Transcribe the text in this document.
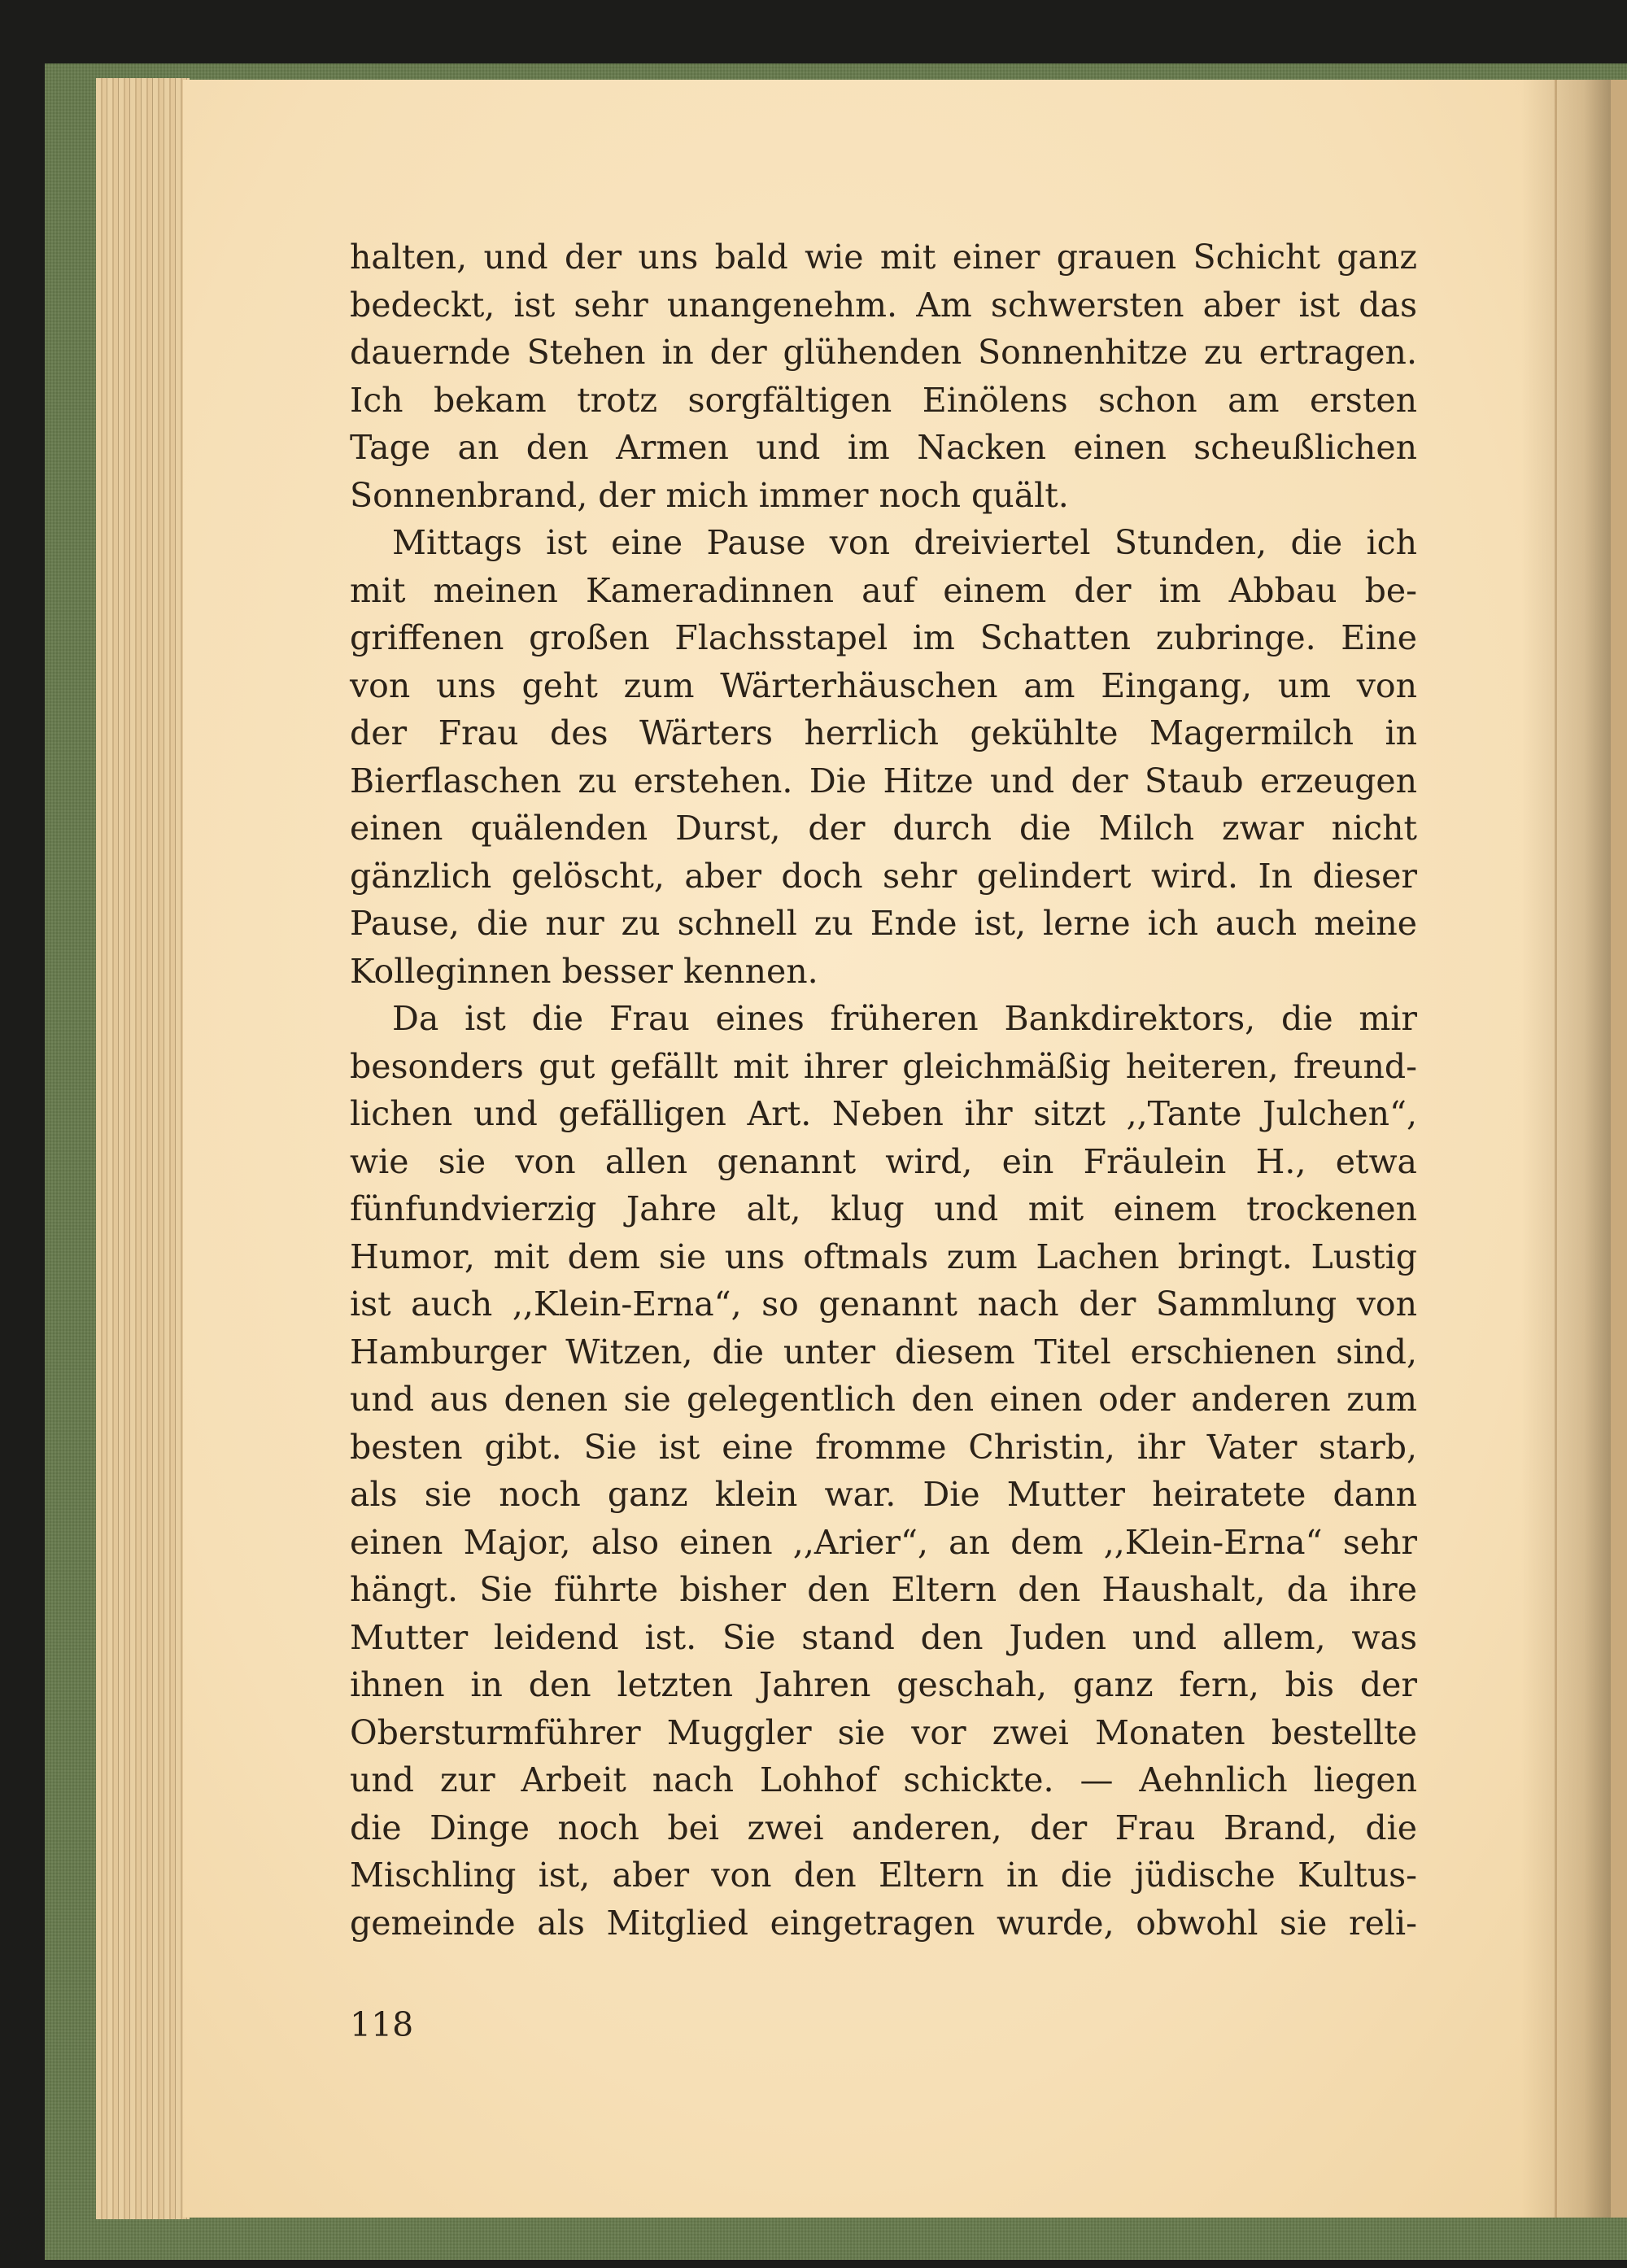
halten, und der uns bald wie mit einer grauen Schicht ganz
bedeckt, ist sehr unangenehm. Am schwersten aber ist das
dauernde Stehen in der glühenden Sonnenhitze zu ertragen.
Ich bekam trotz sorgfältigen Einölens schon am ersten
Tage an den Armen und im Nacken einen scheußlichen
Sonnenbrand, der mich immer noch quält.
Mittags ist eine Pause von dreiviertel Stunden, die ich
mit meinen Kameradinnen auf einem der im Abbau be-
griffenen großen Flachsstapel im Schatten zubringe. Eine
von uns geht zum Wärterhäuschen am Eingang, um von
der Frau des Wärters herrlich gekühlte Magermilch in
Bierflaschen zu erstehen. Die Hitze und der Staub erzeugen
einen quälenden Durst, der durch die Milch zwar nicht
gänzlich gelöscht, aber doch sehr gelindert wird. In dieser
Pause, die nur zu schnell zu Ende ist, lerne ich auch meine
Kolleginnen besser kennen.
Da ist die Frau eines früheren Bankdirektors, die mir
besonders gut gefällt mit ihrer gleichmäßig heiteren, freund-
lichen und gefälligen Art. Neben ihr sitzt ,,Tante Julchen“,
wie sie von allen genannt wird, ein Fräulein H., etwa
fünfundvierzig Jahre alt, klug und mit einem trockenen
Humor, mit dem sie uns oftmals zum Lachen bringt. Lustig
ist auch ,,Klein-Erna“, so genannt nach der Sammlung von
Hamburger Witzen, die unter diesem Titel erschienen sind,
und aus denen sie gelegentlich den einen oder anderen zum
besten gibt. Sie ist eine fromme Christin, ihr Vater starb,
als sie noch ganz klein war. Die Mutter heiratete dann
einen Major, also einen ,,Arier“, an dem ,,Klein-Erna“ sehr
hängt. Sie führte bisher den Eltern den Haushalt, da ihre
Mutter leidend ist. Sie stand den Juden und allem, was
ihnen in den letzten Jahren geschah, ganz fern, bis der
Obersturmführer Muggler sie vor zwei Monaten bestellte
und zur Arbeit nach Lohhof schickte. — Aehnlich liegen
die Dinge noch bei zwei anderen, der Frau Brand, die
Mischling ist, aber von den Eltern in die jüdische Kultus-
gemeinde als Mitglied eingetragen wurde, obwohl sie reli-
118
